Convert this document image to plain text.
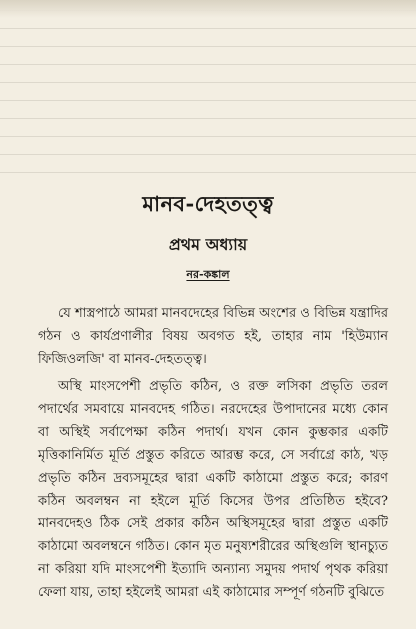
মানব-দেহতত্ত্ব
প্রথম অধ্যায়
নর-কঙ্কাল

যে শাস্ত্রপাঠে আমরা মানবদেহের বিভিন্ন অংশের ও বিভিন্ন যন্ত্রাদির গঠন ও কার্যপ্রণালীর বিষয় অবগত হই, তাহার নাম 'হিউম্যান ফিজিওলজি' বা মানব-দেহতত্ত্ব।

অস্থি মাংসপেশী প্রভৃতি কঠিন, ও রক্ত লসিকা প্রভৃতি তরল পদার্থের সমবায়ে মানবদেহ গঠিত। নরদেহের উপাদানের মধ্যে কোন বা অস্থিই সর্বাপেক্ষা কঠিন পদার্থ। যখন কোন কুম্ভকার একটি মৃত্তিকানির্মিত মূর্তি প্রস্তুত করিতে আরম্ভ করে, সে সর্বাগ্রে কাঠ, খড় প্রভৃতি কঠিন দ্রব্যসমূহের দ্বারা একটি কাঠামো প্রস্তুত করে; কারণ কঠিন অবলম্বন না হইলে মূর্তি কিসের উপর প্রতিষ্ঠিত হইবে? মানবদেহও ঠিক সেই প্রকার কঠিন অস্থিসমূহের দ্বারা প্রস্তুত একটি কাঠামো অবলম্বনে গঠিত। কোন মৃত মনুষ্যশরীরের অস্থিগুলি স্থানচ্যুত না করিয়া যদি মাংসপেশী ইত্যাদি অন্যান্য সমুদয় পদার্থ পৃথক করিয়া ফেলা যায়, তাহা হইলেই আমরা এই কাঠামোর সম্পূর্ণ গঠনটি বুঝিতে
